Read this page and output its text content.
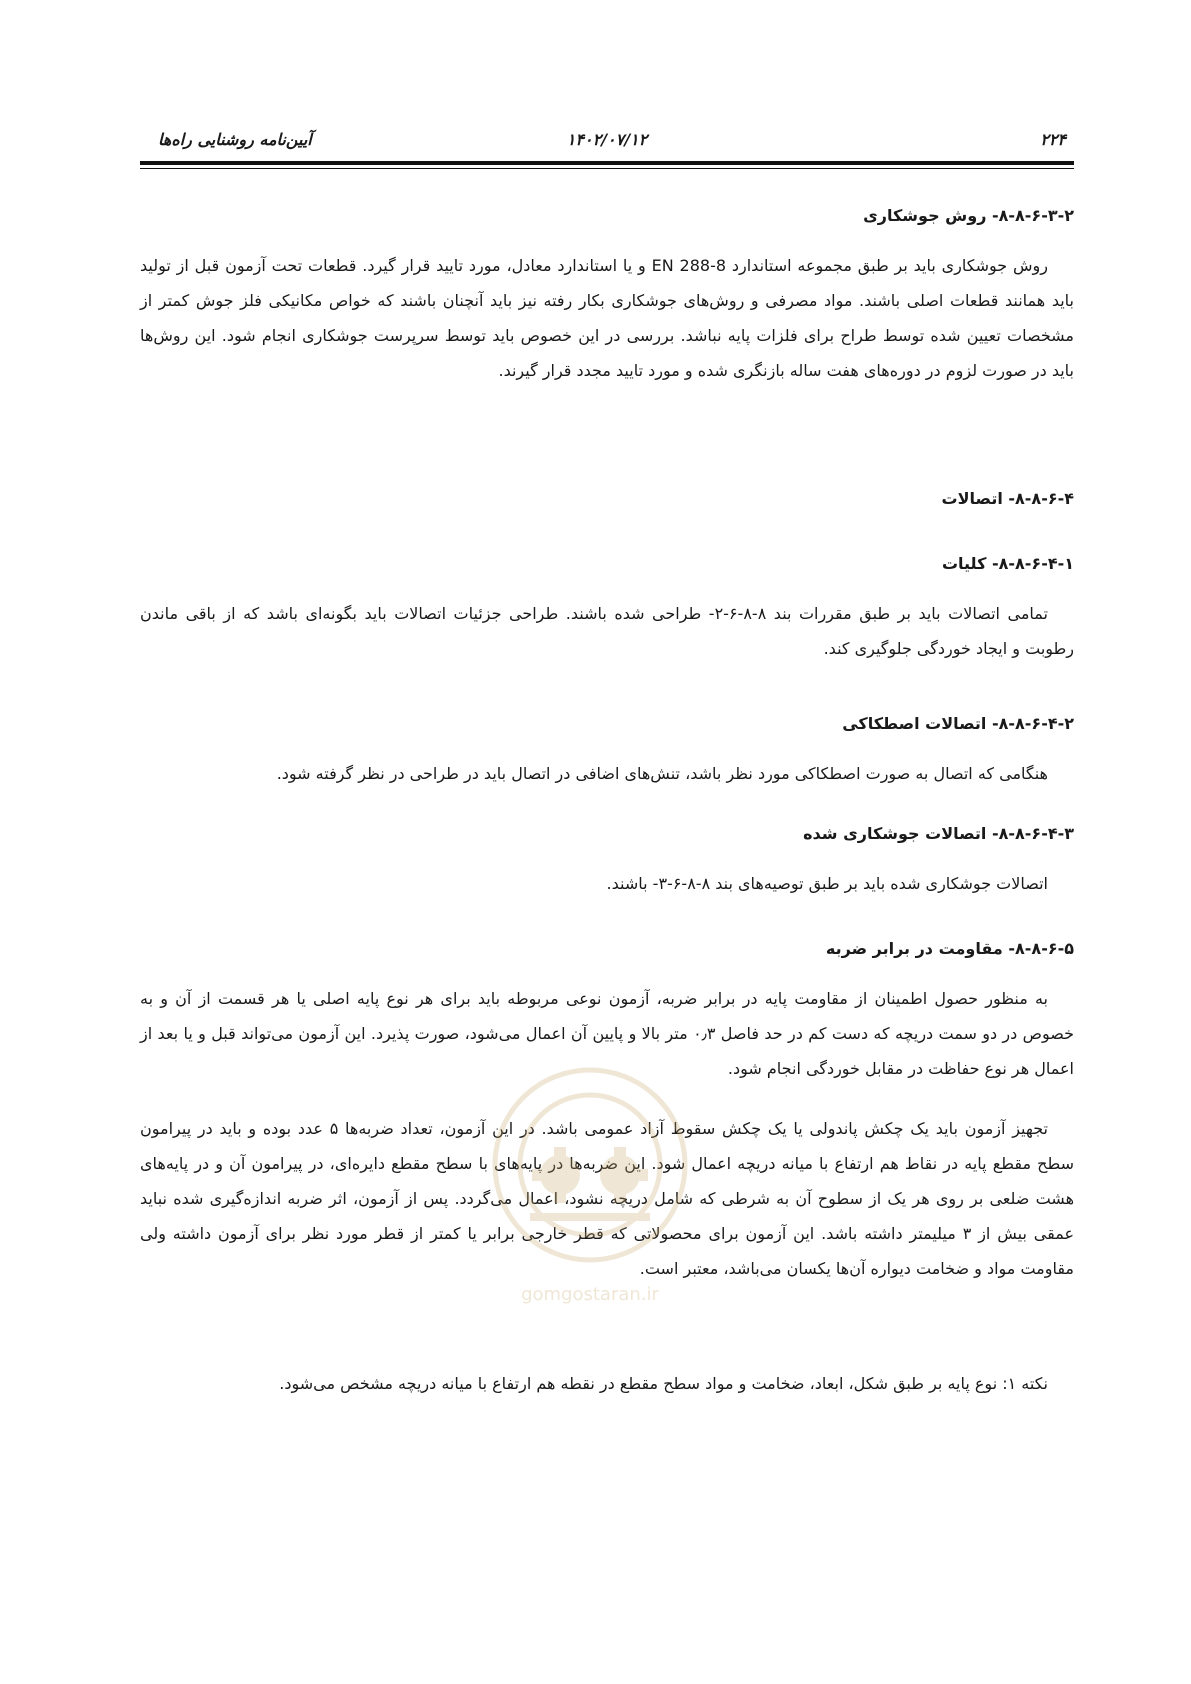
۲۲۴
۱۴۰۲/۰۷/۱۲
آیین‌نامه روشنایی راه‌ها

۸-۸-۶-۳-۲- روش جوشکاری

روش جوشکاری باید بر طبق مجموعه استاندارد EN 288-8 و یا استاندارد معادل، مورد تایید قرار گیرد. قطعات تحت آزمون قبل از تولید باید همانند قطعات اصلی باشند. مواد مصرفی و روش‌های جوشکاری بکار رفته نیز باید آنچنان باشند که خواص مکانیکی فلز جوش کمتر از مشخصات تعیین شده توسط طراح برای فلزات پایه نباشد. بررسی در این خصوص باید توسط سرپرست جوشکاری انجام شود. این روش‌ها باید در صورت لزوم در دوره‌های هفت ساله بازنگری شده و مورد تایید مجدد قرار گیرند.

۸-۸-۶-۴- اتصالات

۸-۸-۶-۴-۱- کلیات

تمامی اتصالات باید بر طبق مقررات بند ۸-۸-۶-۲- طراحی شده باشند. طراحی جزئیات اتصالات باید بگونه‌ای باشد که از باقی ماندن رطوبت و ایجاد خوردگی جلوگیری کند.

۸-۸-۶-۴-۲- اتصالات اصطکاکی

هنگامی که اتصال به صورت اصطکاکی مورد نظر باشد، تنش‌های اضافی در اتصال باید در طراحی در نظر گرفته شود.

۸-۸-۶-۴-۳- اتصالات جوشکاری شده

اتصالات جوشکاری شده باید بر طبق توصیه‌های بند ۸-۸-۶-۳- باشند.

۸-۸-۶-۵- مقاومت در برابر ضربه

به منظور حصول اطمینان از مقاومت پایه در برابر ضربه، آزمون نوعی مربوطه باید برای هر نوع پایه اصلی یا هر قسمت از آن و به خصوص در دو سمت دریچه که دست کم در حد فاصل ۰٫۳ متر بالا و پایین آن اعمال می‌شود، صورت پذیرد. این آزمون می‌تواند قبل و یا بعد از اعمال هر نوع حفاظت در مقابل خوردگی انجام شود.

تجهیز آزمون باید یک چکش پاندولی یا یک چکش سقوط آزاد عمومی باشد. در این آزمون، تعداد ضربه‌ها ۵ عدد بوده و باید در پیرامون سطح مقطع پایه در نقاط هم ارتفاع با میانه دریچه اعمال شود. این ضربه‌ها در پایه‌های با سطح مقطع دایره‌ای، در پیرامون آن و در پایه‌های هشت ضلعی بر روی هر یک از سطوح آن به شرطی که شامل دریچه نشود، اعمال می‌گردد. پس از آزمون، اثر ضربه اندازه‌گیری شده نباید عمقی بیش از ۳ میلیمتر داشته باشد. این آزمون برای محصولاتی که قطر خارجی برابر یا کمتر از قطر مورد نظر برای آزمون داشته ولی مقاومت مواد و ضخامت دیواره آن‌ها یکسان می‌باشد، معتبر است.

نکته ۱: نوع پایه بر طبق شکل، ابعاد، ضخامت و مواد سطح مقطع در نقطه هم ارتفاع با میانه دریچه مشخص می‌شود.

gomgostaran.ir
